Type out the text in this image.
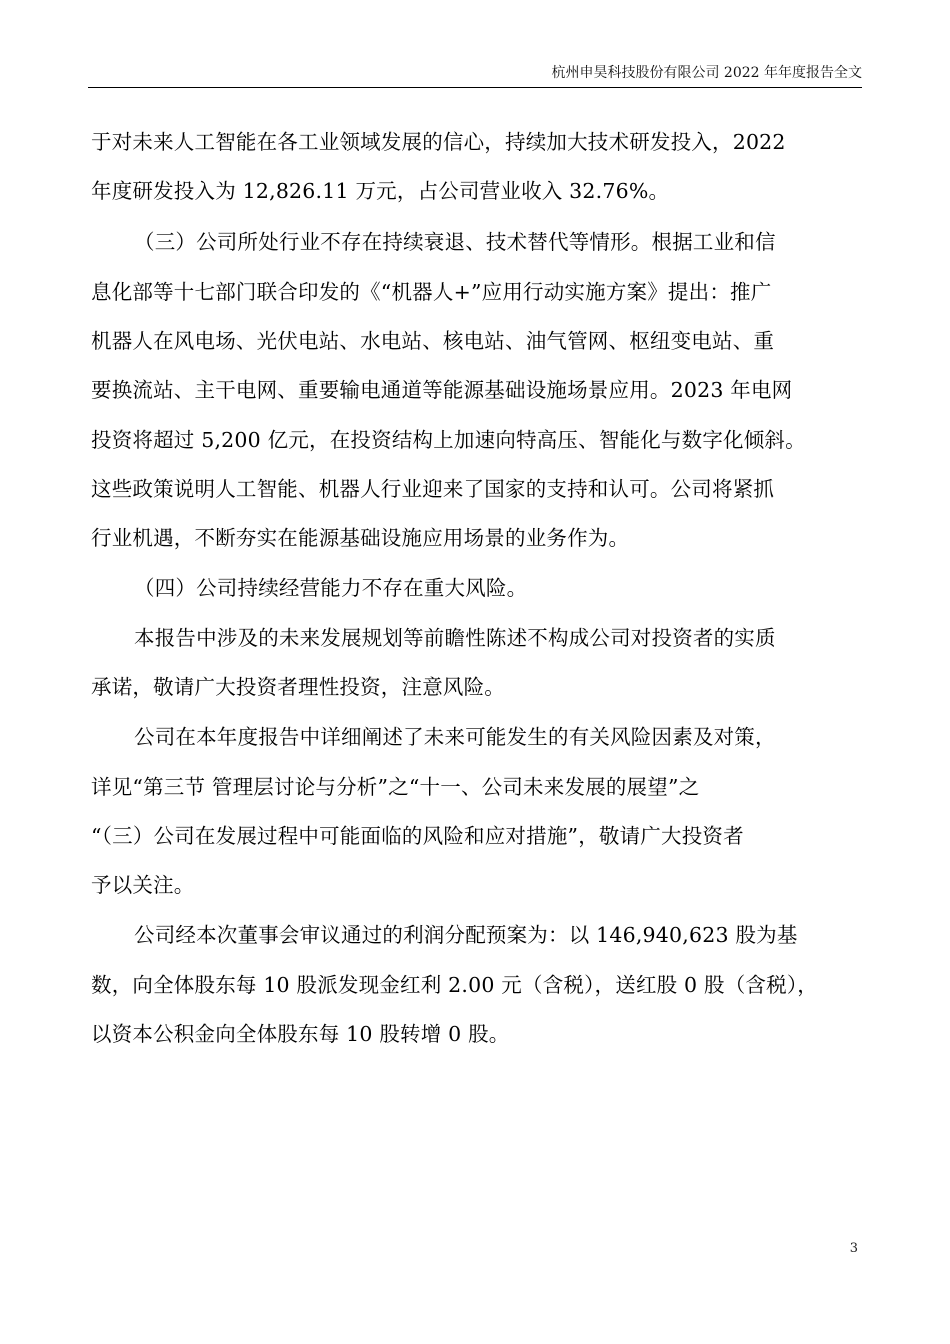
杭州申昊科技股份有限公司 2022 年年度报告全文
于对未来人工智能在各工业领域发展的信心，持续加大技术研发投入，2022
年度研发投入为 12,826.11 万元，占公司营业收入 32.76%。
（三）公司所处行业不存在持续衰退、技术替代等情形。根据工业和信
息化部等十七部门联合印发的《“机器人+”应用行动实施方案》提出：推广
机器人在风电场、光伏电站、水电站、核电站、油气管网、枢纽变电站、重
要换流站、主干电网、重要输电通道等能源基础设施场景应用。2023 年电网
投资将超过 5,200 亿元，在投资结构上加速向特高压、智能化与数字化倾斜。
这些政策说明人工智能、机器人行业迎来了国家的支持和认可。公司将紧抓
行业机遇，不断夯实在能源基础设施应用场景的业务作为。
（四）公司持续经营能力不存在重大风险。
本报告中涉及的未来发展规划等前瞻性陈述不构成公司对投资者的实质
承诺，敬请广大投资者理性投资，注意风险。
公司在本年度报告中详细阐述了未来可能发生的有关风险因素及对策，
详见“第三节 管理层讨论与分析”之“十一、公司未来发展的展望”之
“（三）公司在发展过程中可能面临的风险和应对措施”，敬请广大投资者
予以关注。
公司经本次董事会审议通过的利润分配预案为：以 146,940,623 股为基
数，向全体股东每 10 股派发现金红利 2.00 元（含税），送红股 0 股（含税），
以资本公积金向全体股东每 10 股转增 0 股。
3
